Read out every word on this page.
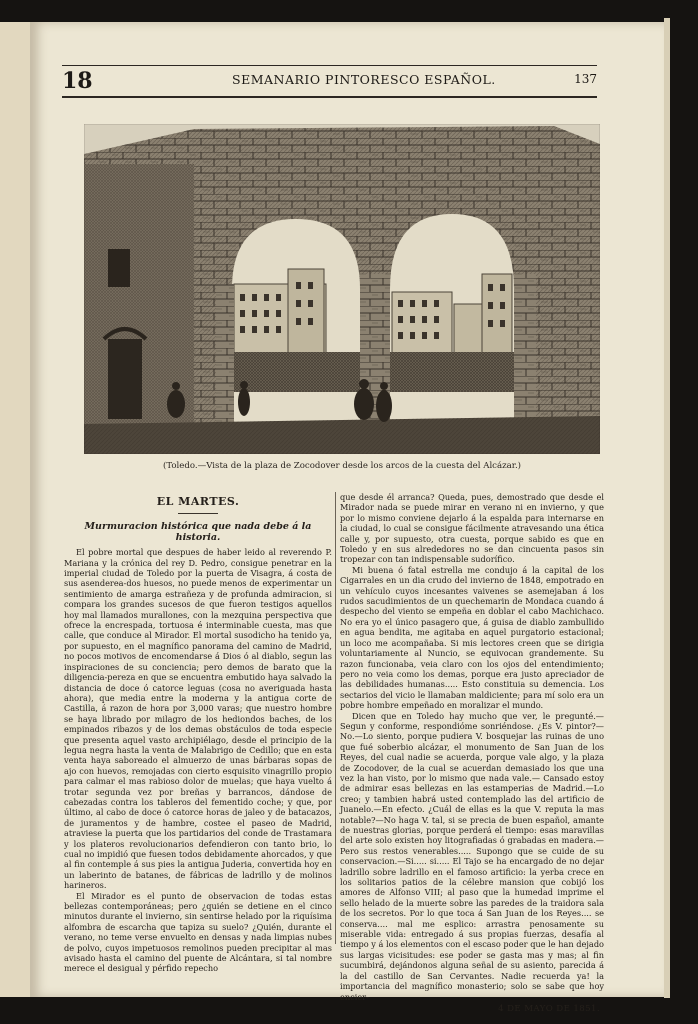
18	SEMANARIO PINTORESCO ESPAÑOL.	137
(Toledo.—Vista de la plaza de Zocodover desde los arcos de la cuesta del Alcázar.)
EL MARTES.
Murmuracion histórica que nada debe á la historia.

El pobre mortal que despues de haber leido al reverendo P. Mariana y la crónica del rey D. Pedro, consigue penetrar en la imperial ciudad de Toledo por la puerta de Visagra, á costa de sus asenderea-dos huesos, no puede menos de experimentar un sentimiento de amarga estrañeza y de profunda admiracion, si compara los grandes sucesos de que fueron testigos aquellos hoy mal llamados murallones, con la mezquina perspectiva que ofrece la encrespada, tortuosa é interminable cuesta, mas que calle, que conduce al Mirador. El mortal susodicho ha tenido ya, por supuesto, en el magnífico panorama del camino de Madrid, no pocos motivos de encomendarse á Dios ó al diablo, segun las inspiraciones de su conciencia; pero demos de barato que la diligencia-pereza en que se encuentra embutido haya salvado la distancia de doce ó catorce leguas (cosa no averiguada hasta ahora), que media entre la moderna y la antigua corte de Castilla, á razon de hora por 3,000 varas; que nuestro hombre se haya librado por milagro de los hediondos baches, de los empinados ribazos y de los demas obstáculos de toda especie que presenta aquel vasto archipiélago, desde el principio de la legua negra hasta la venta de Malabrigo de Cedillo; que en esta venta haya saboreado el almuerzo de unas bárbaras sopas de ajo con huevos, remojadas con cierto esquisito vinagrillo propio para calmar el mas rabioso dolor de muelas; que haya vuelto á trotar segunda vez por breñas y barrancos, dándose de cabezadas contra los tableros del fementido coche; y que, por último, al cabo de doce ó catorce horas de jaleo y de batacazos, de juramentos y de hambre, costee el paseo de Madrid, atraviese la puerta que los partidarios del conde de Trastamara y los plateros revolucionarios defendieron con tanto brio, lo cual no impidió que fuesen todos debidamente ahorcados, y que al fin contemple á sus pies la antigua Juderia, convertida hoy en un laberinto de batanes, de fábricas de ladrillo y de molinos harineros.

El Mirador es el punto de observacion de todas estas bellezas contemporáneas; pero ¿quién se detiene en el cinco minutos durante el invierno, sin sentirse helado por la riquísima alfombra de escarcha que tapiza su suelo? ¿Quién, durante el verano, no teme verse envuelto en densas y nada limpias nubes de polvo, cuyos impetuosos remolinos pueden precipitar al mas avisado hasta el camino del puente de Alcántara, si tal nombre merece el desigual y pérfido repecho

que desde él arranca? Queda, pues, demostrado que desde el Mirador nada se puede mirar en verano ni en invierno, y que por lo mismo conviene dejarlo á la espalda para internarse en la ciudad, lo cual se consigue fácilmente atravesando una ética calle y, por supuesto, otra cuesta, porque sabido es que en Toledo y en sus alrededores no se dan cincuenta pasos sin tropezar con tan indispensable sudorífico.

Mi buena ó fatal estrella me condujo á la capital de los Cigarrales en un dia crudo del invierno de 1848, empotrado en un vehículo cuyos incesantes vaivenes se asemejaban á los rudos sacudimientos de un quechemarin de Mondaca cuando á despecho del viento se empeña en doblar el cabo Machichaco. No era yo el único pasagero que, á guisa de diablo zambullido en agua bendita, me agitaba en aquel purgatorio estacional; un loco me acompañaba. Si mis lectores creen que se dirigia voluntariamente al Nuncio, se equivocan grandemente. Su razon funcionaba, veia claro con los ojos del entendimiento; pero no veia como los demas, porque era justo apreciador de las debilidades humanas..... Esto constituia su demencia. Los sectarios del vicio le llamaban maldiciente; para mí solo era un pobre hombre empeñado en moralizar el mundo.

Dicen que en Toledo hay mucho que ver, le pregunté.—Segun y conforme, respondióme sonriéndose. ¿Es V. pintor?—No.—Lo siento, porque pudiera V. bosquejar las ruinas de uno que fué soberbio alcázar, el monumento de San Juan de los Reyes, del cual nadie se acuerda, porque vale algo, y la plaza de Zocodover, de la cual se acuerdan demasiado los que una vez la han visto, por lo mismo que nada vale.— Cansado estoy de admirar esas bellezas en las estamperias de Madrid.—Lo creo; y tambien habrá usted contemplado las del artificio de Juanelo.—En efecto. ¿Cuál de ellas es la que V. reputa la mas notable?—No haga V. tal, si se precia de buen español, amante de nuestras glorias, porque perderá el tiempo: esas maravillas del arte solo existen hoy litografiadas ó grabadas en madera.—Pero sus restos venerables..... Supongo que se cuide de su conservacion.—Si..... si..... El Tajo se ha encargado de no dejar ladrillo sobre ladrillo en el famoso artificio: la yerba crece en los solitarios patios de la célebre mansion que cobijó los amores de Alfonso VIII; al paso que la humedad imprime el sello helado de la muerte sobre las paredes de la traidora sala de los secretos. Por lo que toca á San Juan de los Reyes.... se conserva.... mal me esplico: arrastra penosamente su miserable vida: entregado á sus propias fuerzas, desafía al tiempo y á los elementos con el escaso poder que le han dejado sus largas vicisitudes: ese poder se gasta mas y mas; al fin sucumbirá, dejándonos alguna señal de su asiento, parecida á la del castillo de San Cervantes. Nadie recuerda ya! la importancia del magnífico monasterio; solo se sabe que hoy encier-

4 DE MAYO DE 1851.
